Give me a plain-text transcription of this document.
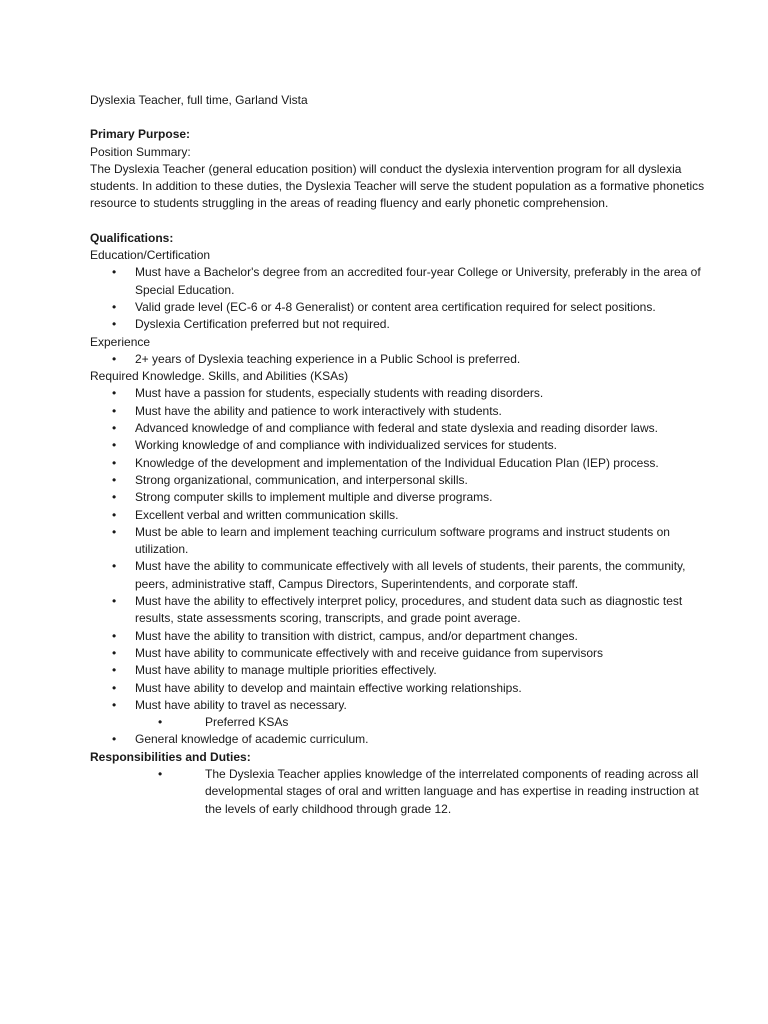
Dyslexia Teacher, full time, Garland Vista

Primary Purpose:

Position Summary:

The Dyslexia Teacher (general education position) will conduct the dyslexia intervention program for all dyslexia students. In addition to these duties, the Dyslexia Teacher will serve the student population as a formative phonetics resource to students struggling in the areas of reading fluency and early phonetic comprehension.

Qualifications:

Education/Certification

• Must have a Bachelor's degree from an accredited four-year College or University, preferably in the area of Special Education.
• Valid grade level (EC-6 or 4-8 Generalist) or content area certification required for select positions.
• Dyslexia Certification preferred but not required.

Experience

• 2+ years of Dyslexia teaching experience in a Public School is preferred.

Required Knowledge. Skills, and Abilities (KSAs)

• Must have a passion for students, especially students with reading disorders.
• Must have the ability and patience to work interactively with students.
• Advanced knowledge of and compliance with federal and state dyslexia and reading disorder laws.
• Working knowledge of and compliance with individualized services for students.
• Knowledge of the development and implementation of the Individual Education Plan (IEP) process.
• Strong organizational, communication, and interpersonal skills.
• Strong computer skills to implement multiple and diverse programs.
• Excellent verbal and written communication skills.
• Must be able to learn and implement teaching curriculum software programs and instruct students on utilization.
• Must have the ability to communicate effectively with all levels of students, their parents, the community, peers, administrative staff, Campus Directors, Superintendents, and corporate staff.
• Must have the ability to effectively interpret policy, procedures, and student data such as diagnostic test results, state assessments scoring, transcripts, and grade point average.
• Must have the ability to transition with district, campus, and/or department changes.
• Must have ability to communicate effectively with and receive guidance from supervisors
• Must have ability to manage multiple priorities effectively.
• Must have ability to develop and maintain effective working relationships.
• Must have ability to travel as necessary.
•	Preferred KSAs
• General knowledge of academic curriculum.

Responsibilities and Duties:

•	The Dyslexia Teacher applies knowledge of the interrelated components of reading across all developmental stages of oral and written language and has expertise in reading instruction at the levels of early childhood through grade 12.
